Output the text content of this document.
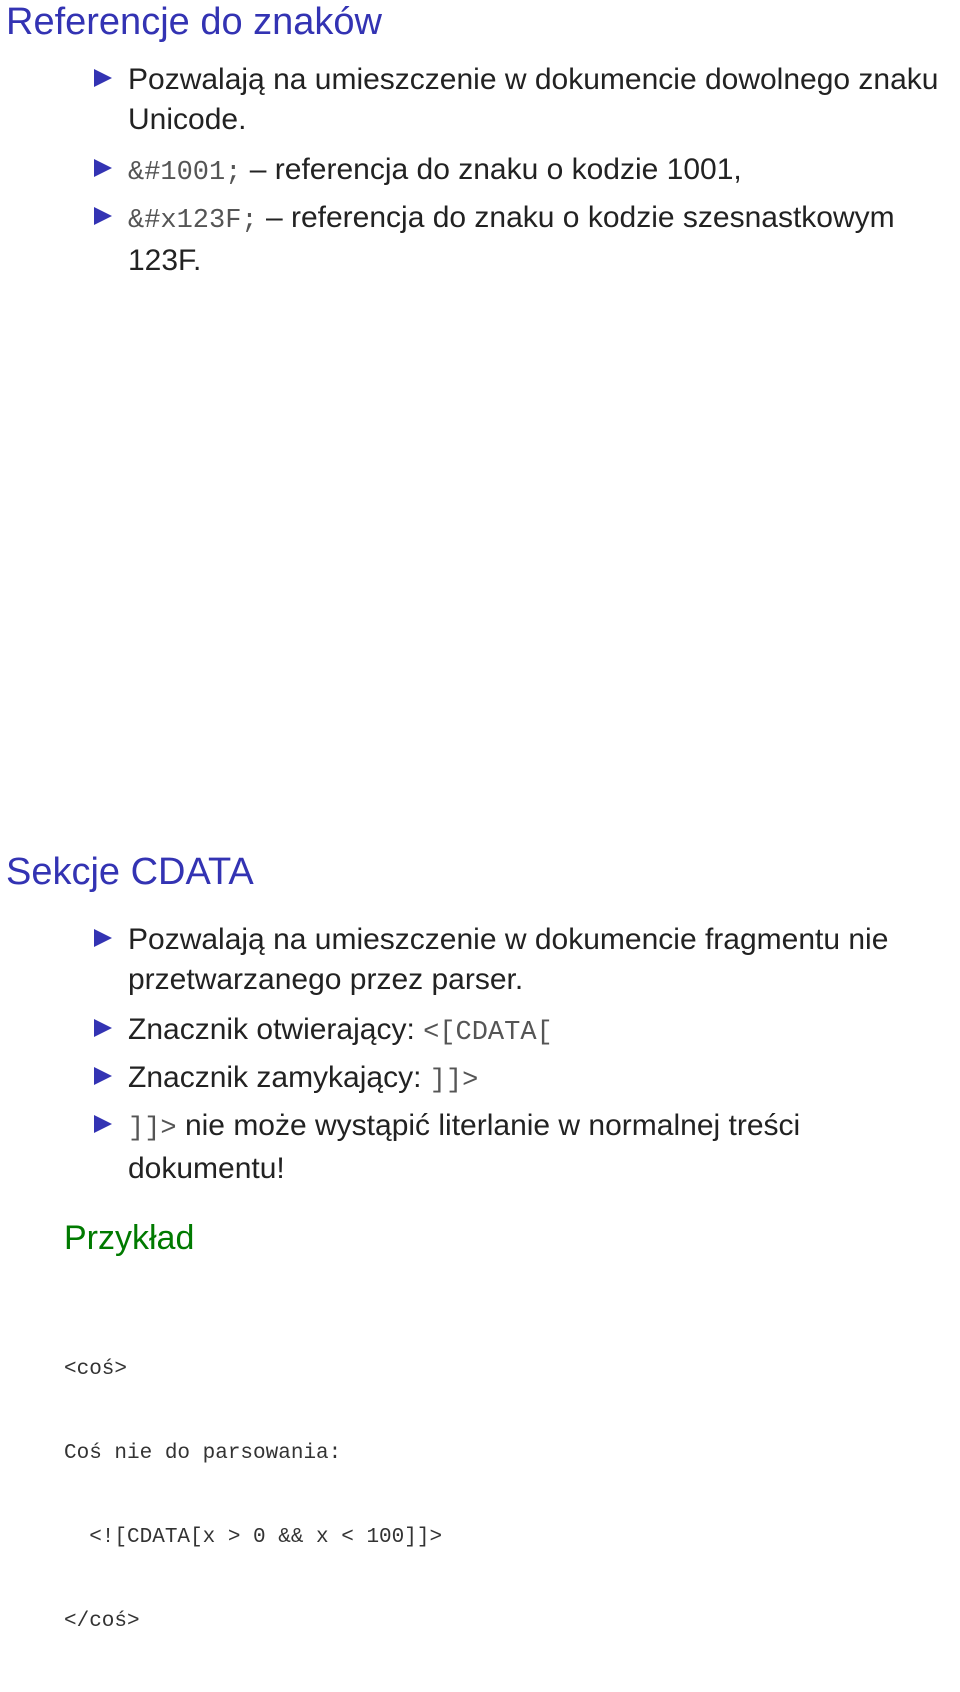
Referencje do znaków
Pozwalają na umieszczenie w dokumencie dowolnego znaku Unicode.
&#1001; – referencja do znaku o kodzie 1001,
&#x123F; – referencja do znaku o kodzie szesnastkowym 123F.
Sekcje CDATA
Pozwalają na umieszczenie w dokumencie fragmentu nie przetwarzanego przez parser.
Znacznik otwierający: <[CDATA[
Znacznik zamykający: ]]>
]]> nie może wystąpić literlanie w normalnej treści dokumentu!
Przykład

<coś>

Coś nie do parsowania:

<![CDATA[x > 0 && x < 100]]>

</coś>
